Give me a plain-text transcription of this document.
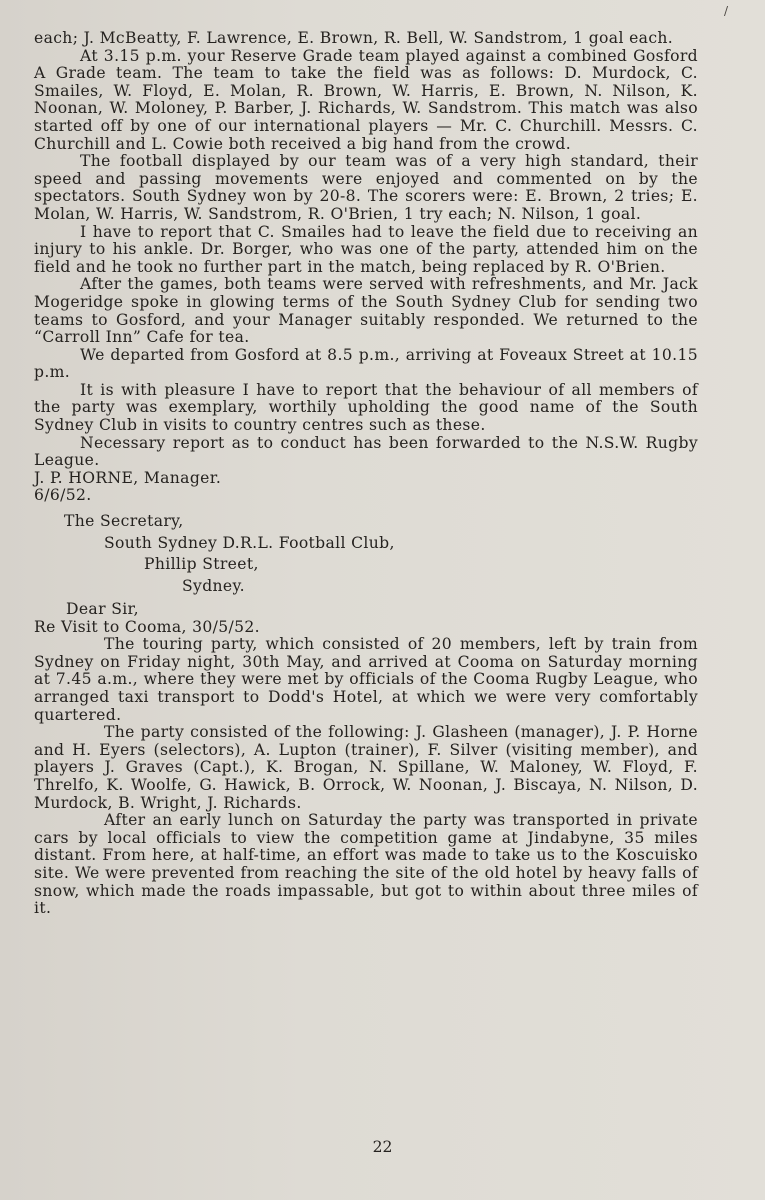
/

each; J. McBeatty, F. Lawrence, E. Brown, R. Bell, W. Sandstrom, 1 goal each.

At 3.15 p.m. your Reserve Grade team played against a combined Gosford A Grade team. The team to take the field was as follows: D. Murdock, C. Smailes, W. Floyd, E. Molan, R. Brown, W. Harris, E. Brown, N. Nilson, K. Noonan, W. Moloney, P. Barber, J. Richards, W. Sandstrom. This match was also started off by one of our international players — Mr. C. Churchill. Messrs. C. Churchill and L. Cowie both received a big hand from the crowd.

The football displayed by our team was of a very high standard, their speed and passing movements were enjoyed and commented on by the spectators. South Sydney won by 20-8. The scorers were: E. Brown, 2 tries; E. Molan, W. Harris, W. Sandstrom, R. O'Brien, 1 try each; N. Nilson, 1 goal.

I have to report that C. Smailes had to leave the field due to receiving an injury to his ankle. Dr. Borger, who was one of the party, attended him on the field and he took no further part in the match, being replaced by R. O'Brien.

After the games, both teams were served with refreshments, and Mr. Jack Mogeridge spoke in glowing terms of the South Sydney Club for sending two teams to Gosford, and your Manager suitably responded. We returned to the “Carroll Inn” Cafe for tea.

We departed from Gosford at 8.5 p.m., arriving at Foveaux Street at 10.15 p.m.

It is with pleasure I have to report that the behaviour of all members of the party was exemplary, worthily upholding the good name of the South Sydney Club in visits to country centres such as these.

Necessary report as to conduct has been forwarded to the N.S.W. Rugby League.

J. P. HORNE, Manager.

6/6/52.

The Secretary,
South Sydney D.R.L. Football Club,
Phillip Street,
Sydney.
Dear Sir,

Re Visit to Cooma, 30/5/52.

The touring party, which consisted of 20 members, left by train from Sydney on Friday night, 30th May, and arrived at Cooma on Saturday morning at 7.45 a.m., where they were met by officials of the Cooma Rugby League, who arranged taxi transport to Dodd's Hotel, at which we were very comfortably quartered.

The party consisted of the following: J. Glasheen (manager), J. P. Horne and H. Eyers (selectors), A. Lupton (trainer), F. Silver (visiting member), and players J. Graves (Capt.), K. Brogan, N. Spillane, W. Maloney, W. Floyd, F. Threlfo, K. Woolfe, G. Hawick, B. Orrock, W. Noonan, J. Biscaya, N. Nilson, D. Murdock, B. Wright, J. Richards.

After an early lunch on Saturday the party was transported in private cars by local officials to view the competition game at Jindabyne, 35 miles distant. From here, at half-time, an effort was made to take us to the Koscuisko site. We were prevented from reaching the site of the old hotel by heavy falls of snow, which made the roads impassable, but got to within about three miles of it.

22
